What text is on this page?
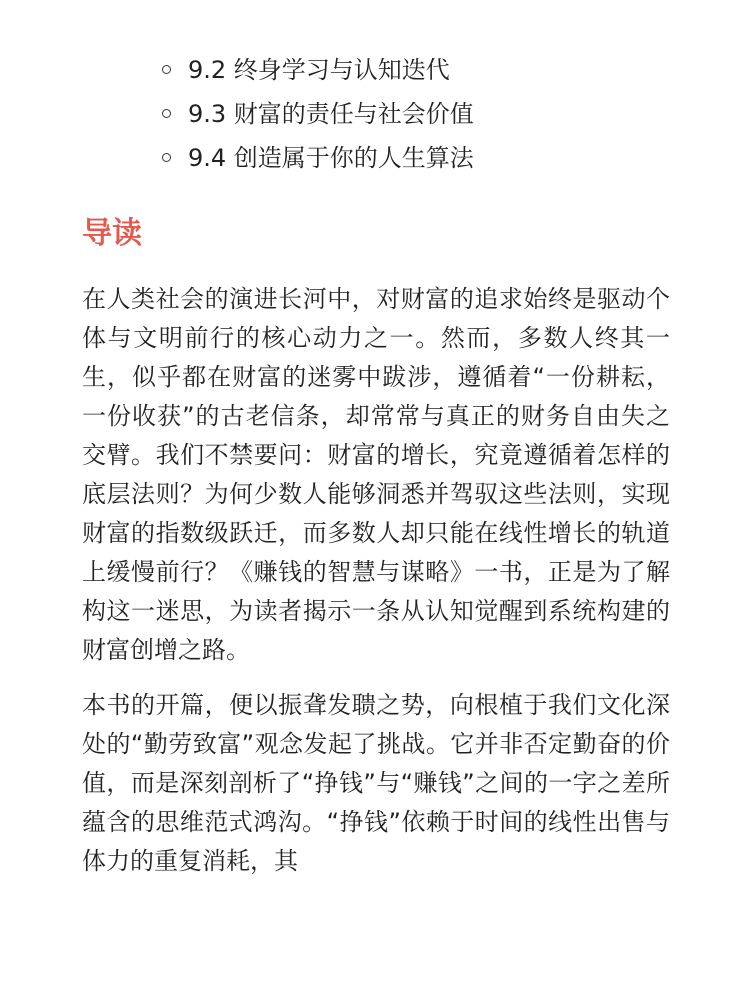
9.2 终身学习与认知迭代
9.3 财富的责任与社会价值
9.4 创造属于你的人生算法
导读

在人类社会的演进长河中，对财富的追求始终是驱动个体与文明前行的核心动力之一。然而，多数人终其一生，似乎都在财富的迷雾中跋涉，遵循着“一份耕耘，一份收获”的古老信条，却常常与真正的财务自由失之交臂。我们不禁要问：财富的增长，究竟遵循着怎样的底层法则？为何少数人能够洞悉并驾驭这些法则，实现财富的指数级跃迁，而多数人却只能在线性增长的轨道上缓慢前行？《赚钱的智慧与谋略》一书，正是为了解构这一迷思，为读者揭示一条从认知觉醒到系统构建的财富创增之路。

本书的开篇，便以振聋发聩之势，向根植于我们文化深处的“勤劳致富”观念发起了挑战。它并非否定勤奋的价值，而是深刻剖析了“挣钱”与“赚钱”之间的一字之差所蕴含的思维范式鸿沟。“挣钱”依赖于时间的线性出售与体力的重复消耗，其
